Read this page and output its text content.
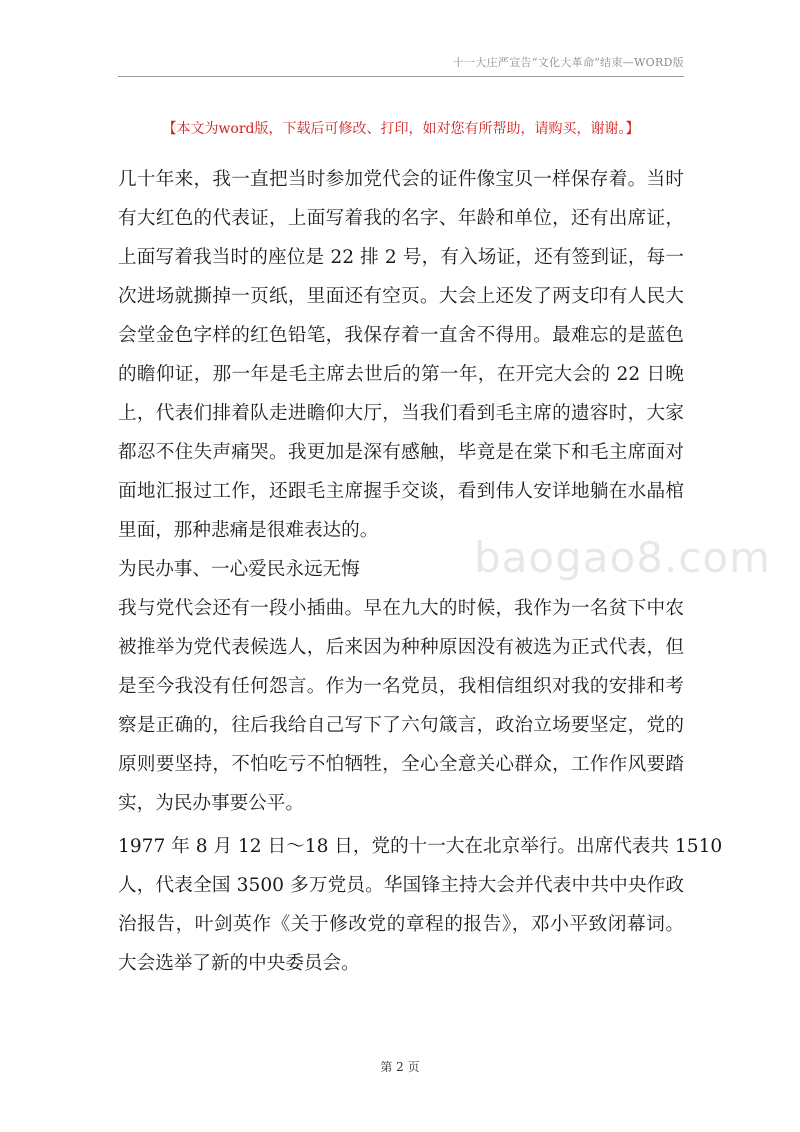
十一大庄严宣告“文化大革命”结束—WORD版
【本文为word版，下载后可修改、打印，如对您有所帮助，请购买，谢谢。】
baogao8.com

几十年来，我一直把当时参加党代会的证件像宝贝一样保存着。当时
有大红色的代表证，上面写着我的名字、年龄和单位，还有出席证，
上面写着我当时的座位是 22 排 2 号，有入场证，还有签到证，每一
次进场就撕掉一页纸，里面还有空页。大会上还发了两支印有人民大
会堂金色字样的红色铅笔，我保存着一直舍不得用。最难忘的是蓝色
的瞻仰证，那一年是毛主席去世后的第一年，在开完大会的 22 日晚
上，代表们排着队走进瞻仰大厅，当我们看到毛主席的遗容时，大家
都忍不住失声痛哭。我更加是深有感触，毕竟是在棠下和毛主席面对
面地汇报过工作，还跟毛主席握手交谈，看到伟人安详地躺在水晶棺
里面，那种悲痛是很难表达的。

为民办事、一心爱民永远无悔

我与党代会还有一段小插曲。早在九大的时候，我作为一名贫下中农
被推举为党代表候选人，后来因为种种原因没有被选为正式代表，但
是至今我没有任何怨言。作为一名党员，我相信组织对我的安排和考
察是正确的，往后我给自己写下了六句箴言，政治立场要坚定，党的
原则要坚持，不怕吃亏不怕牺牲，全心全意关心群众，工作作风要踏
实，为民办事要公平。

1977 年 8 月 12 日～18 日，党的十一大在北京举行。出席代表共 1510
人，代表全国 3500 多万党员。华国锋主持大会并代表中共中央作政
治报告，叶剑英作《关于修改党的章程的报告》，邓小平致闭幕词。
大会选举了新的中央委员会。

第 2 页
